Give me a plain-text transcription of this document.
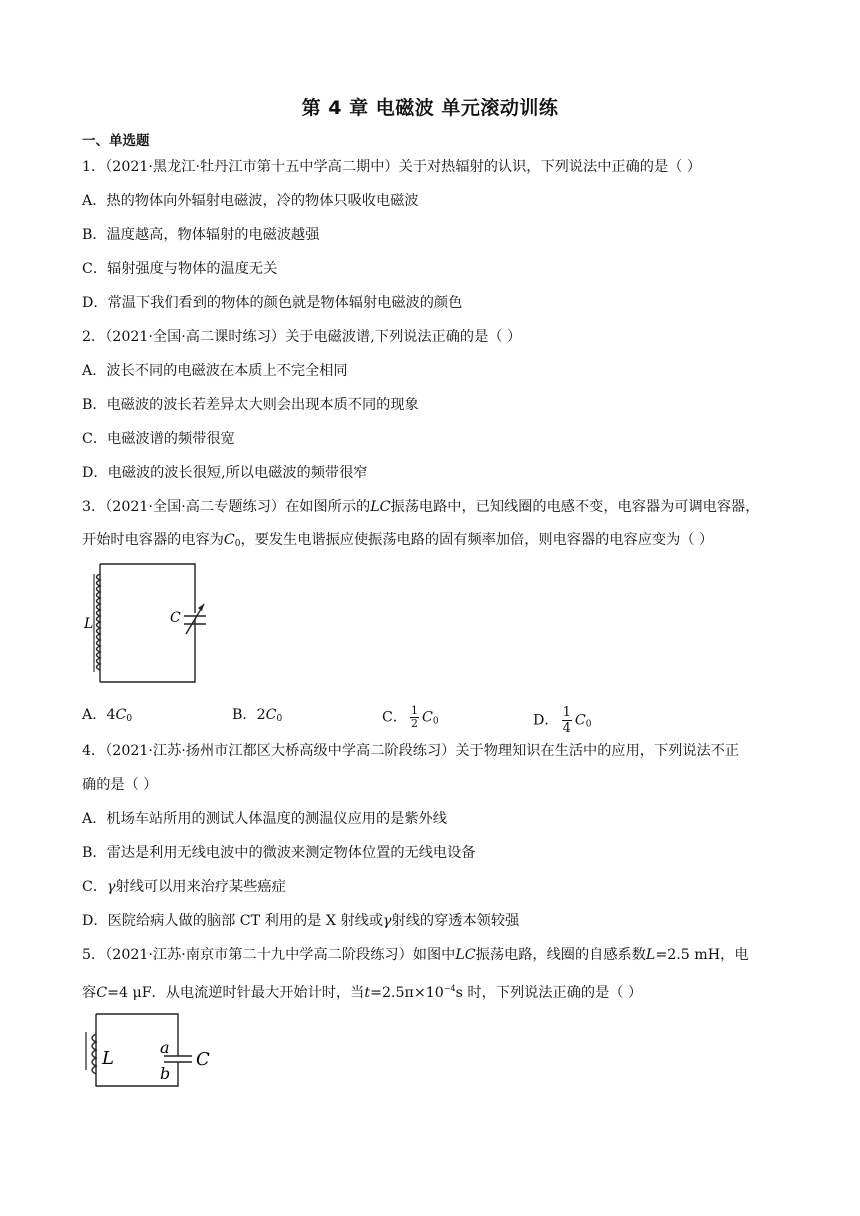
第 4 章 电磁波 单元滚动训练
一、单选题
1．（2021·黑龙江·牡丹江市第十五中学高二期中）关于对热辐射的认识，下列说法中正确的是（ ）
A．热的物体向外辐射电磁波，冷的物体只吸收电磁波
B．温度越高，物体辐射的电磁波越强
C．辐射强度与物体的温度无关
D．常温下我们看到的物体的颜色就是物体辐射电磁波的颜色
2．（2021·全国·高二课时练习）关于电磁波谱,下列说法正确的是（ ）
A．波长不同的电磁波在本质上不完全相同
B．电磁波的波长若差异太大则会出现本质不同的现象
C．电磁波谱的频带很宽
D．电磁波的波长很短,所以电磁波的频带很窄
3．（2021·全国·高二专题练习）在如图所示的LC振荡电路中，已知线圈的电感不变，电容器为可调电容器，
开始时电容器的电容为$C_0$，要发生电谐振应使振荡电路的固有频率加倍，则电容器的电容应变为（ ）
L	C
A．$4C_0$	B．$2C_0$	C． $\frac{1}{2} C_0$	D． $\frac{1}{4} C_0$
4．（2021·江苏·扬州市江都区大桥高级中学高二阶段练习）关于物理知识在生活中的应用，下列说法不正
确的是（ ）
A．机场车站所用的测试人体温度的测温仪应用的是紫外线
B．雷达是利用无线电波中的微波来测定物体位置的无线电设备
C．γ射线可以用来治疗某些癌症
D．医院给病人做的脑部 CT 利用的是 X 射线或γ射线的穿透本领较强
5．（2021·江苏·南京市第二十九中学高二阶段练习）如图中LC振荡电路，线圈的自感系数L=2.5 mH，电
容C=4 μF．从电流逆时针最大开始计时，当$t=2.5\pi\times 10^{-4}s$ 时，下列说法正确的是（ ）
L
a
b
C
